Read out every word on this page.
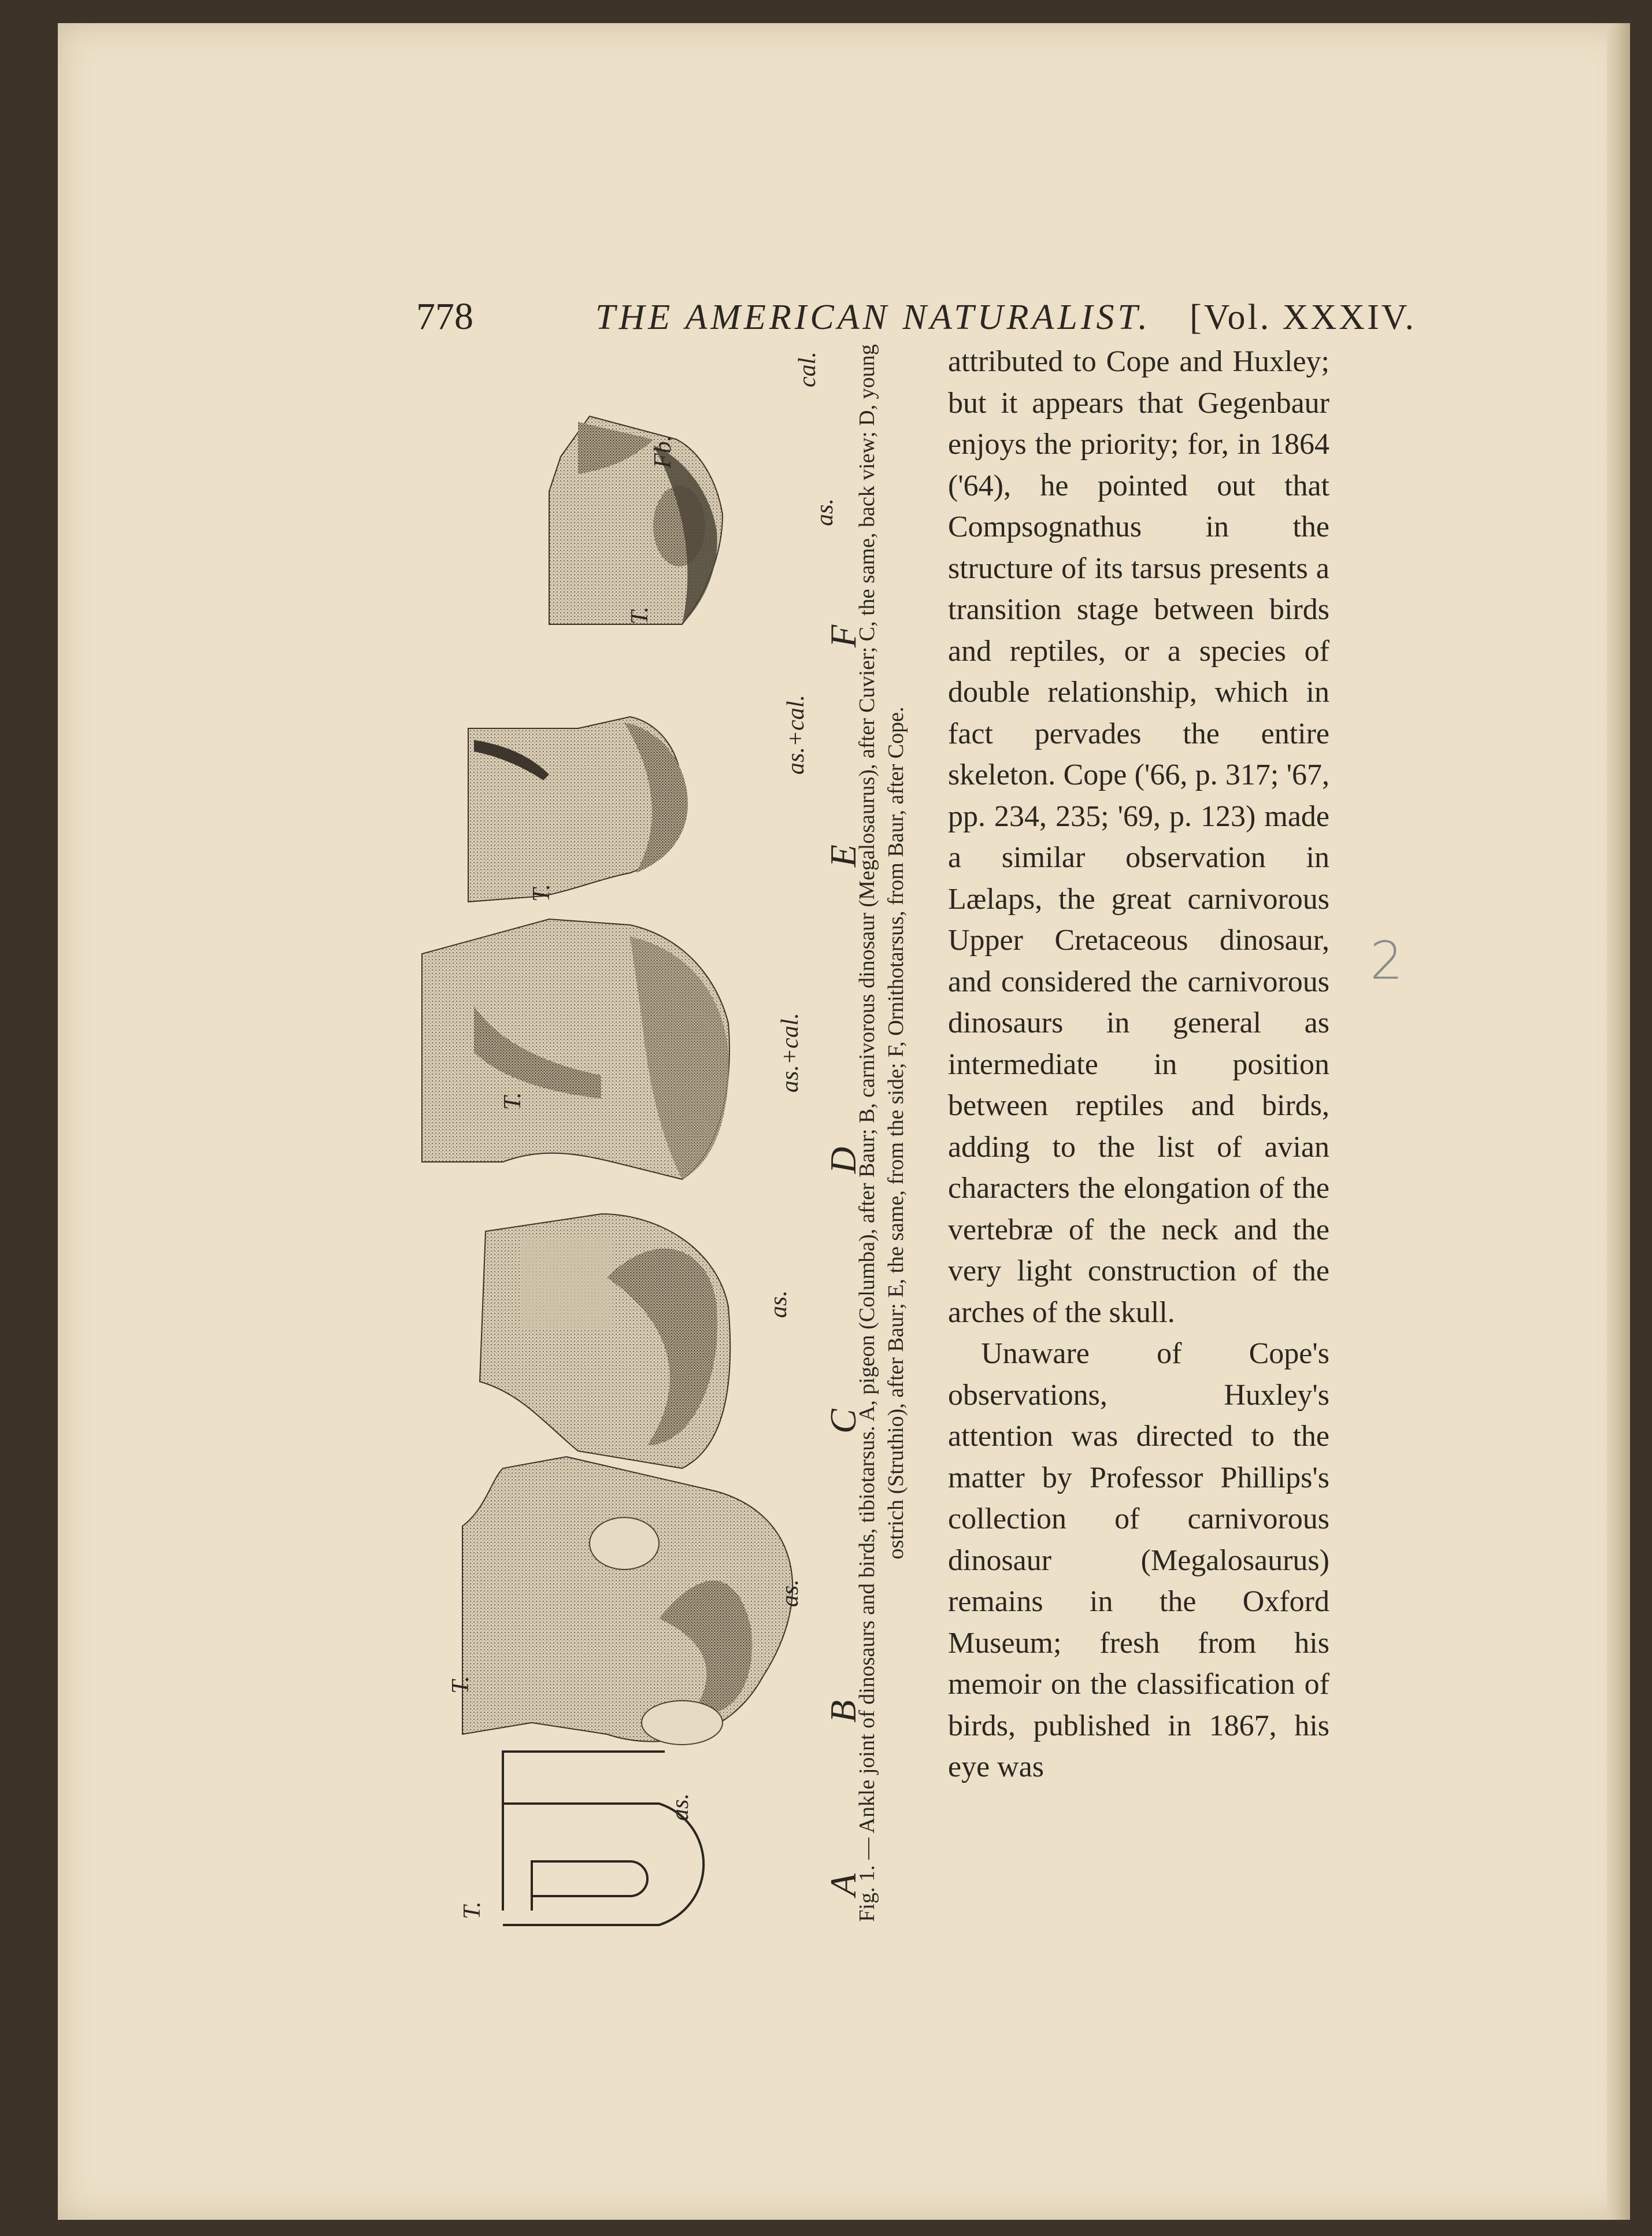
778	THE AMERICAN NATURALIST. [Vol. XXXIV.
A
B
C
D
E
F
T.
as.
T.
as.
as.
T.
as.+cal.
T.
as.+cal.
T.
as.
Fb.
cal. Fig. 1. — Ankle joint of dinosaurs and birds, tibiotarsus. A, pigeon (Columba), after Baur; B, carnivorous dinosaur (Megalosaurus), after Cuvier; C, the same, back view; D, young ostrich (Struthio), after Baur; E, the same, from the side; F, Ornithotarsus, from Baur, after Cope.

attributed to Cope and Huxley; but it appears that Gegenbaur enjoys the priority; for, in 1864 ('64), he pointed out that Compsognathus in the structure of its tarsus presents a transition stage between birds and reptiles, or a species of double relationship, which in fact pervades the entire skeleton. Cope ('66, p. 317; '67, pp. 234, 235; '69, p. 123) made a similar observation in Lælaps, the great carnivorous Upper Cretaceous dinosaur, and considered the carnivorous dinosaurs in general as intermediate in position between reptiles and birds, adding to the list of avian characters the elongation of the vertebræ of the neck and the very light construction of the arches of the skull.

Unaware of Cope's observations, Huxley's attention was directed to the matter by Professor Phillips's collection of carnivorous dinosaur (Megalosaurus) remains in the Oxford Museum; fresh from his memoir on the classification of birds, published in 1867, his eye was

2
